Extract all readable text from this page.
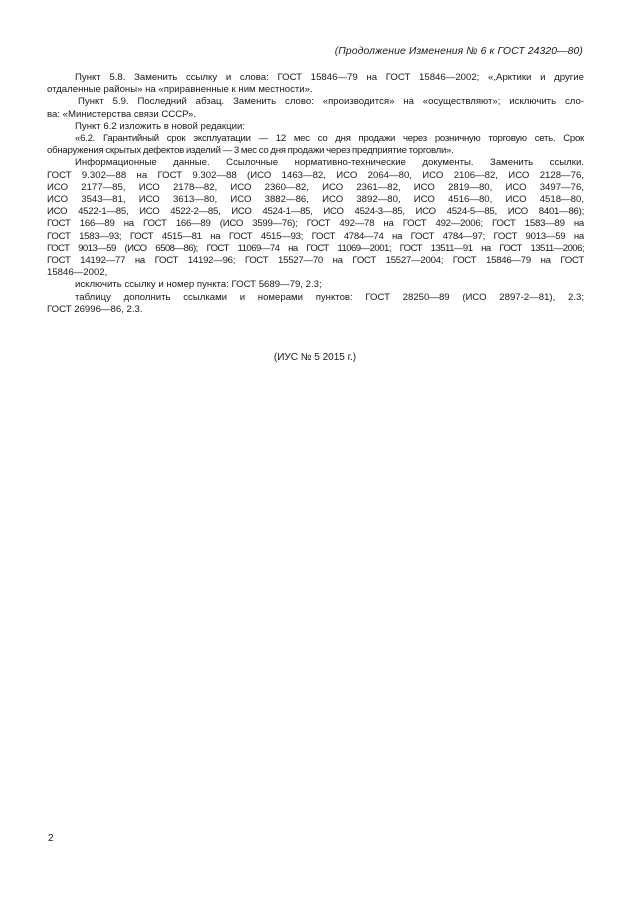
(Продолжение Изменения № 6 к ГОСТ 24320—80)
Пункт 5.8. Заменить ссылку и слова: ГОСТ 15846—79 на ГОСТ 15846—2002; «,Арктики и другие
отдаленные районы» на «приравненные к ним местности».
Пункт 5.9. Последний абзац. Заменить слово: «производится» на «осуществляют»; исключить сло-
ва: «Министерства связи СССР».

Пункт 6.2 изложить в новой редакции:

«6.2. Гарантийный срок эксплуатации — 12 мес со дня продажи через розничную торговую сеть. Срок
обнаружения скрытых дефектов изделий — 3 мес со дня продажи через предприятие торговли».
Информационные данные. Ссылочные нормативно-технические документы. Заменить ссылки.
ГОСТ 9.302—88 на ГОСТ 9.302—88 (ИСО 1463—82, ИСО 2064—80, ИСО 2106—82, ИСО 2128—76,
ИСО 2177—85, ИСО 2178—82, ИСО 2360—82, ИСО 2361—82, ИСО 2819—80, ИСО 3497—76,
ИСО 3543—81, ИСО 3613—80, ИСО 3882—86, ИСО 3892—80, ИСО 4516—80, ИСО 4518—80,
ИСО 4522-1—85, ИСО 4522-2—85, ИСО 4524-1—85, ИСО 4524-3—85, ИСО 4524-5—85, ИСО 8401—86);
ГОСТ 166—89 на ГОСТ 166—89 (ИСО 3599—76); ГОСТ 492—78 на ГОСТ 492—2006; ГОСТ 1583—89 на
ГОСТ 1583—93; ГОСТ 4515—81 на ГОСТ 4515—93; ГОСТ 4784—74 на ГОСТ 4784—97; ГОСТ 9013—59 на
ГОСТ 9013—59 (ИСО 6508—86); ГОСТ 11069—74 на ГОСТ 11069—2001; ГОСТ 13511—91 на ГОСТ 13511—2006;
ГОСТ 14192—77 на ГОСТ 14192—96; ГОСТ 15527—70 на ГОСТ 15527—2004; ГОСТ 15846—79 на ГОСТ
15846—2002,

исключить ссылку и номер пункта: ГОСТ 5689—79, 2.3;

таблицу дополнить ссылками и номерами пунктов: ГОСТ 28250—89 (ИСО 2897-2—81), 2.3;
ГОСТ 26996—86, 2.3.
(ИУС № 5 2015 г.)
2
